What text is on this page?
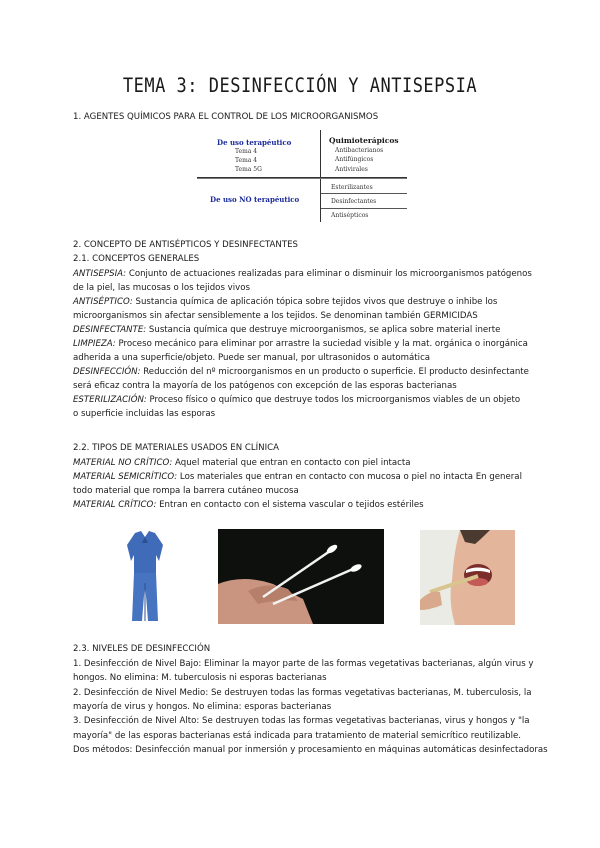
TEMA 3: DESINFECCIÓN Y ANTISEPSIA
1. AGENTES QUÍMICOS PARA EL CONTROL DE LOS MICROORGANISMOS
De uso terapéutico
Tema 4
Tema 4
Tema 5G
De uso NO terapéutico
Quimioterápicos
Antibacterianos
Antifúngicos
Antivirales
Esterilizantes
Desinfectantes
Antisépticos
2. CONCEPTO DE ANTISÉPTICOS Y DESINFECTANTES
2.1. CONCEPTOS GENERALES
ANTISEPSIA: Conjunto de actuaciones realizadas para eliminar o disminuir los microorganismos patógenos
de la piel, las mucosas o los tejidos vivos
ANTISÉPTICO: Sustancia química de aplicación tópica sobre tejidos vivos que destruye o inhibe los
microorganismos sin afectar sensiblemente a los tejidos. Se denominan también GERMICIDAS
DESINFECTANTE: Sustancia química que destruye microorganismos, se aplica sobre material inerte
LIMPIEZA: Proceso mecánico para eliminar por arrastre la suciedad visible y la mat. orgánica o inorgánica
adherida a una superficie/objeto. Puede ser manual, por ultrasonidos o automática
DESINFECCIÓN: Reducción del nº microorganismos en un producto o superficie. El producto desinfectante
será eficaz contra la mayoría de los patógenos con excepción de las esporas bacterianas
ESTERILIZACIÓN: Proceso físico o químico que destruye todos los microorganismos viables de un objeto
o superficie incluidas las esporas
2.2. TIPOS DE MATERIALES USADOS EN CLÍNICA
MATERIAL NO CRÍTICO: Aquel material que entran en contacto con piel intacta
MATERIAL SEMICRÍTICO: Los materiales que entran en contacto con mucosa o piel no intacta En general
todo material que rompa la barrera cutáneo mucosa
MATERIAL CRÍTICO: Entran en contacto con el sistema vascular o tejidos estériles
2.3. NIVELES DE DESINFECCIÓN
1. Desinfección de Nivel Bajo: Eliminar la mayor parte de las formas vegetativas bacterianas, algún virus y
hongos. No elimina: M. tuberculosis ni esporas bacterianas
2. Desinfección de Nivel Medio: Se destruyen todas las formas vegetativas bacterianas, M. tuberculosis, la
mayoría de virus y hongos. No elimina: esporas bacterianas
3. Desinfección de Nivel Alto: Se destruyen todas las formas vegetativas bacterianas, virus y hongos y "la
mayoría" de las esporas bacterianas está indicada para tratamiento de material semicrítico reutilizable.
Dos métodos: Desinfección manual por inmersión y procesamiento en máquinas automáticas desinfectadoras
